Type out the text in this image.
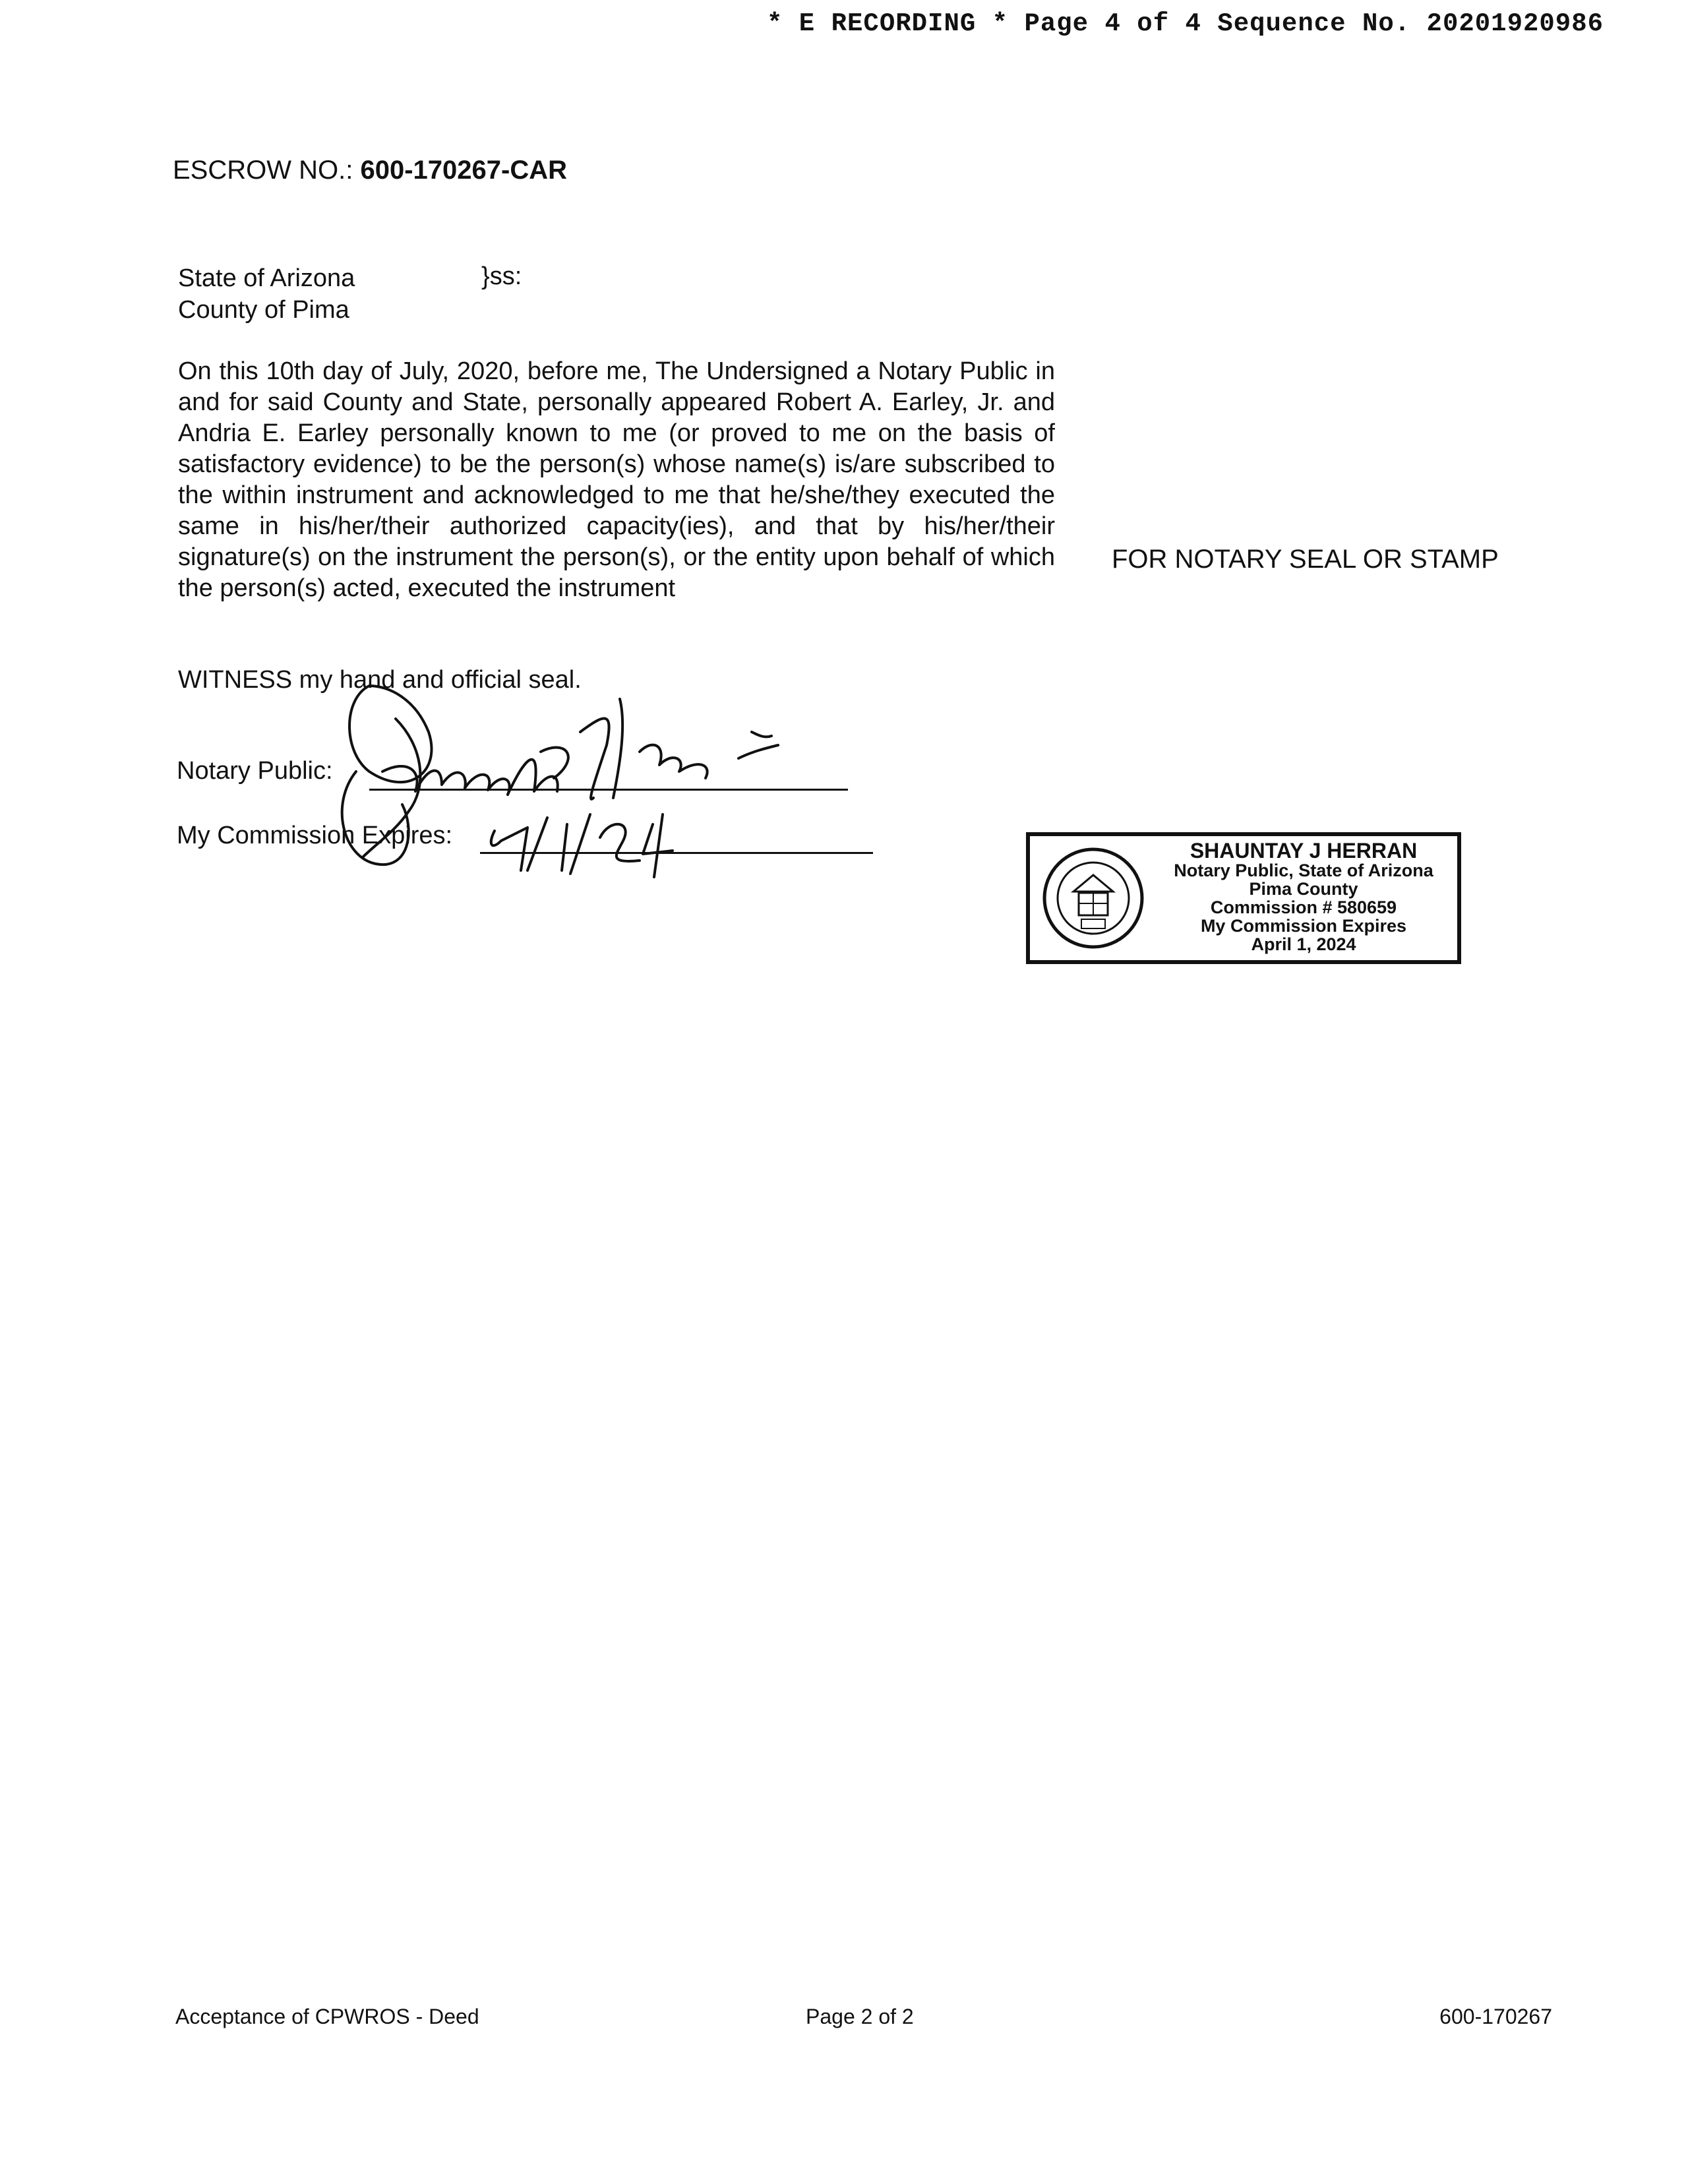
* E RECORDING * Page 4 of 4 Sequence No. 20201920986
ESCROW NO.: 600-170267-CAR
State of Arizona
County of Pima
}ss:
On this 10th day of July, 2020, before me, The Undersigned a Notary Public in and for said County and State, personally appeared Robert A. Earley, Jr. and Andria E. Earley personally known to me (or proved to me on the basis of satisfactory evidence) to be the person(s) whose name(s) is/are subscribed to the within instrument and acknowledged to me that he/she/they executed the same in his/her/their authorized capacity(ies), and that by his/her/their signature(s) on the instrument the person(s), or the entity upon behalf of which the person(s) acted, executed the instrument
FOR NOTARY SEAL OR STAMP
WITNESS my hand and official seal.
Notary Public:
My Commission Expires:
SHAUNTAY J HERRAN
Notary Public, State of Arizona
Pima County
Commission # 580659
My Commission Expires
April 1, 2024
Acceptance of CPWROS - Deed	Page 2 of 2	600-170267
